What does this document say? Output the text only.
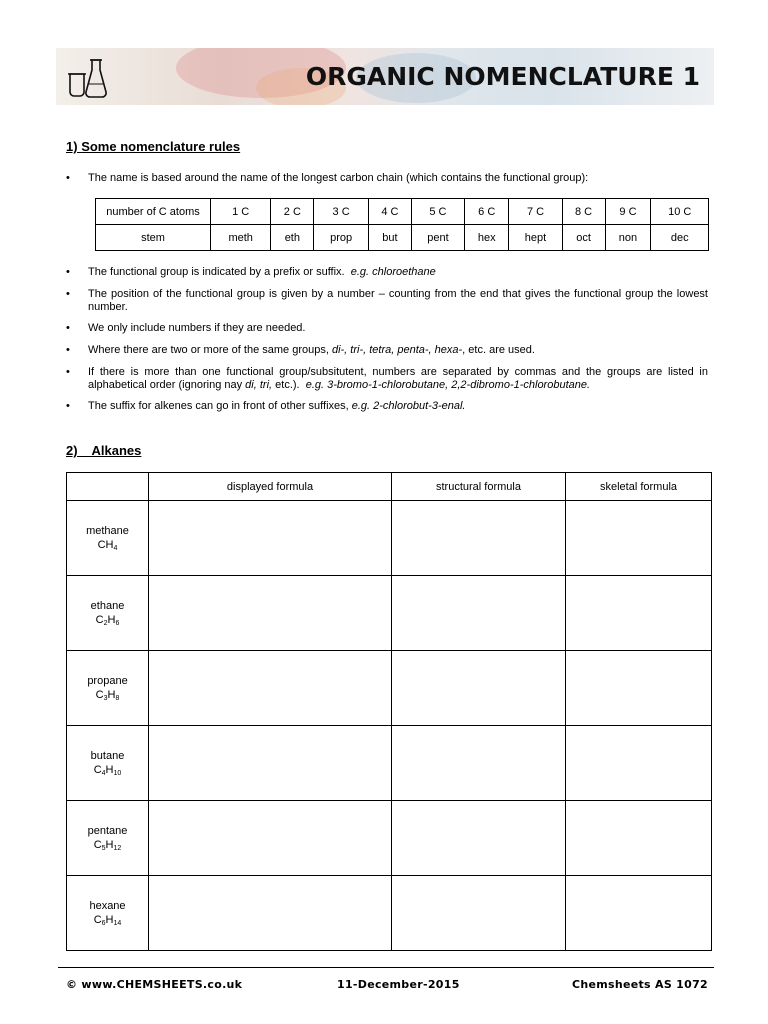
ORGANIC NOMENCLATURE 1
1) Some nomenclature rules
• The name is based around the name of the longest carbon chain (which contains the functional group):
number of C atoms	1 C	2 C	3 C	4 C	5 C	6 C	7 C	8 C	9 C	10 C
stem	meth	eth	prop	but	pent	hex	hept	oct	non	dec
• The functional group is indicated by a prefix or suffix. e.g. chloroethane
• The position of the functional group is given by a number – counting from the end that gives the functional group the lowest number.
• We only include numbers if they are needed.
• Where there are two or more of the same groups, di-, tri-, tetra, penta-, hexa-, etc. are used.
• If there is more than one functional group/subsitutent, numbers are separated by commas and the groups are listed in alphabetical order (ignoring nay di, tri, etc.). e.g. 3-bromo-1-chlorobutane, 2,2-dibromo-1-chlorobutane.
• The suffix for alkenes can go in front of other suffixes, e.g. 2-chlorobut-3-enal.
2) Alkanes
	displayed formula	structural formula	skeletal formula
methane
$CH_4$			
ethane
$C_2H_6$			
propane
$C_3H_8$			
butane
$C_4H_{10}$			
pentane
$C_5H_{12}$			
hexane
$C_6H_{14}$			
© www.CHEMSHEETS.co.uk	11-December-2015	Chemsheets AS 1072
